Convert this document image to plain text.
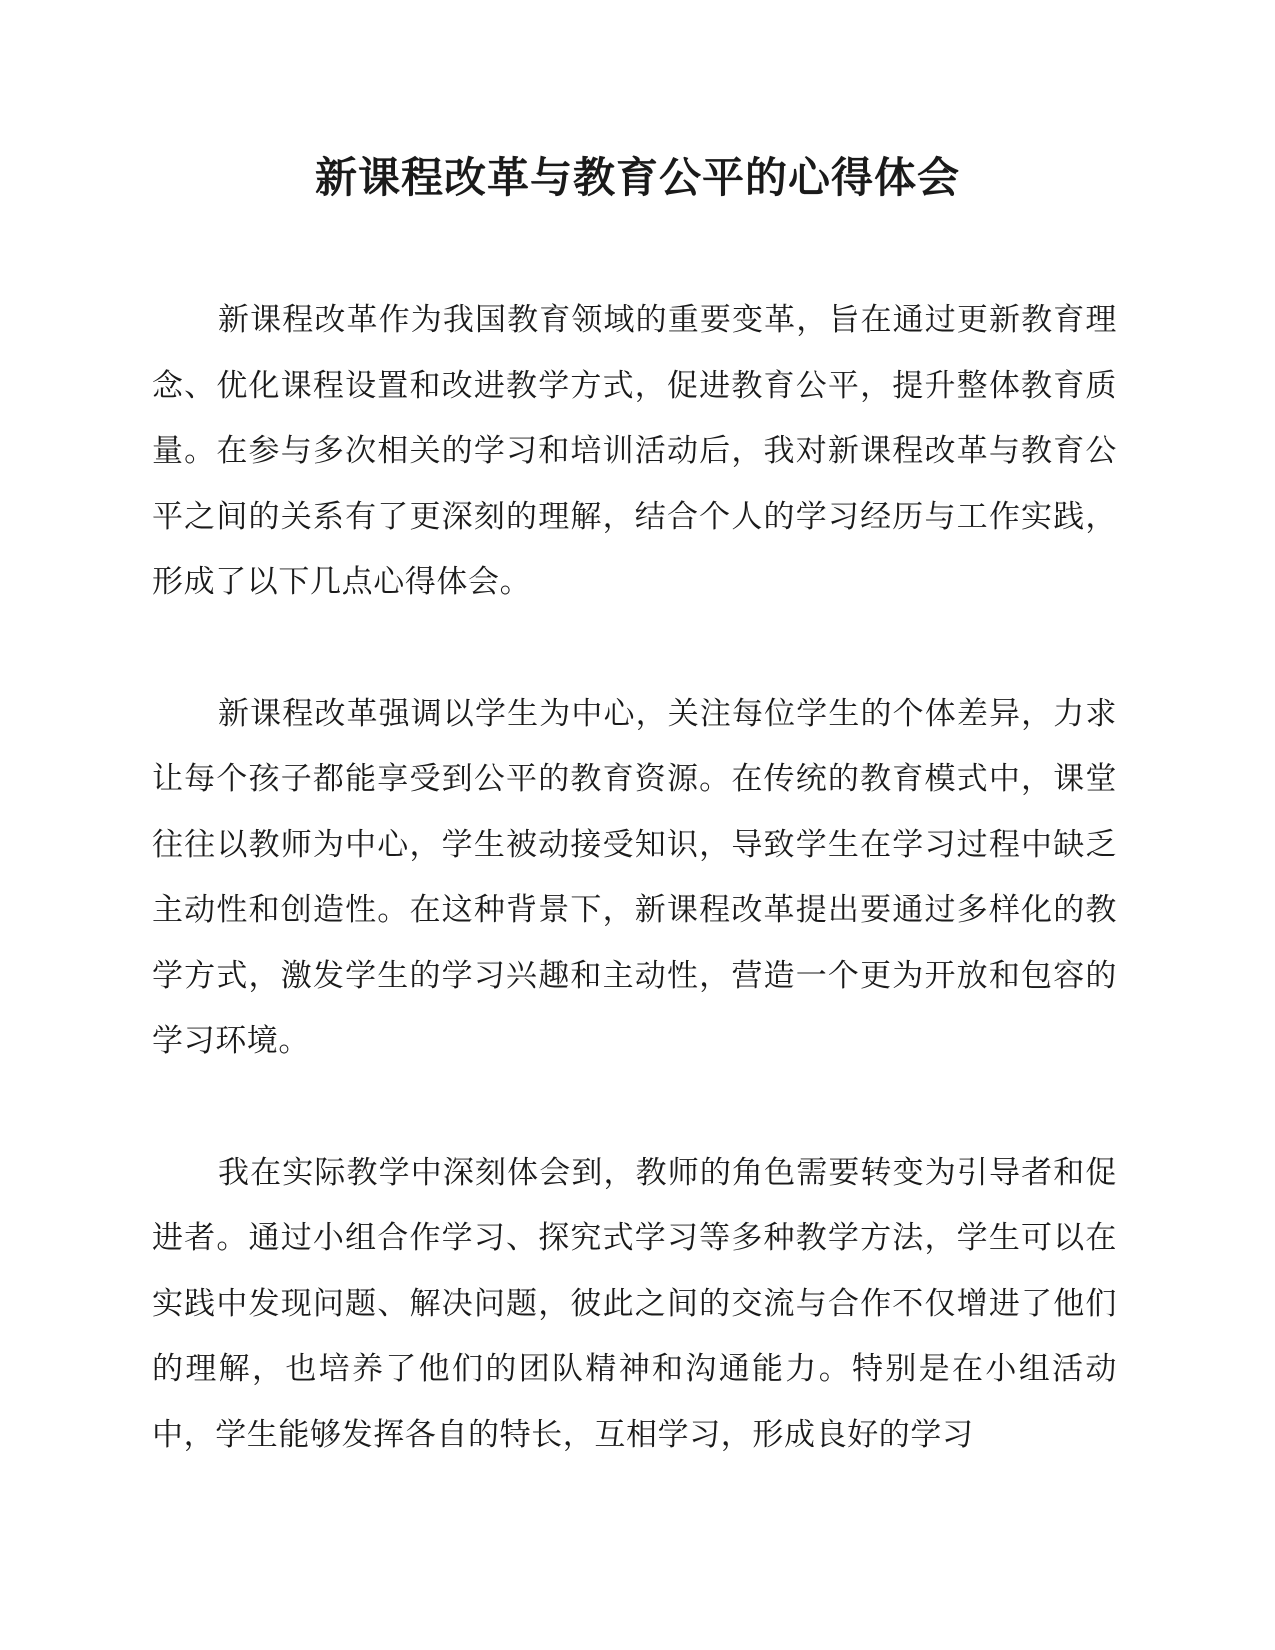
新课程改革与教育公平的心得体会

新课程改革作为我国教育领域的重要变革，旨在通过更新教育理念、优化课程设置和改进教学方式，促进教育公平，提升整体教育质量。在参与多次相关的学习和培训活动后，我对新课程改革与教育公平之间的关系有了更深刻的理解，结合个人的学习经历与工作实践，形成了以下几点心得体会。

新课程改革强调以学生为中心，关注每位学生的个体差异，力求让每个孩子都能享受到公平的教育资源。在传统的教育模式中，课堂往往以教师为中心，学生被动接受知识，导致学生在学习过程中缺乏主动性和创造性。在这种背景下，新课程改革提出要通过多样化的教学方式，激发学生的学习兴趣和主动性，营造一个更为开放和包容的学习环境。

我在实际教学中深刻体会到，教师的角色需要转变为引导者和促进者。通过小组合作学习、探究式学习等多种教学方法，学生可以在实践中发现问题、解决问题，彼此之间的交流与合作不仅增进了他们的理解，也培养了他们的团队精神和沟通能力。特别是在小组活动中，学生能够发挥各自的特长，互相学习，形成良好的学习
